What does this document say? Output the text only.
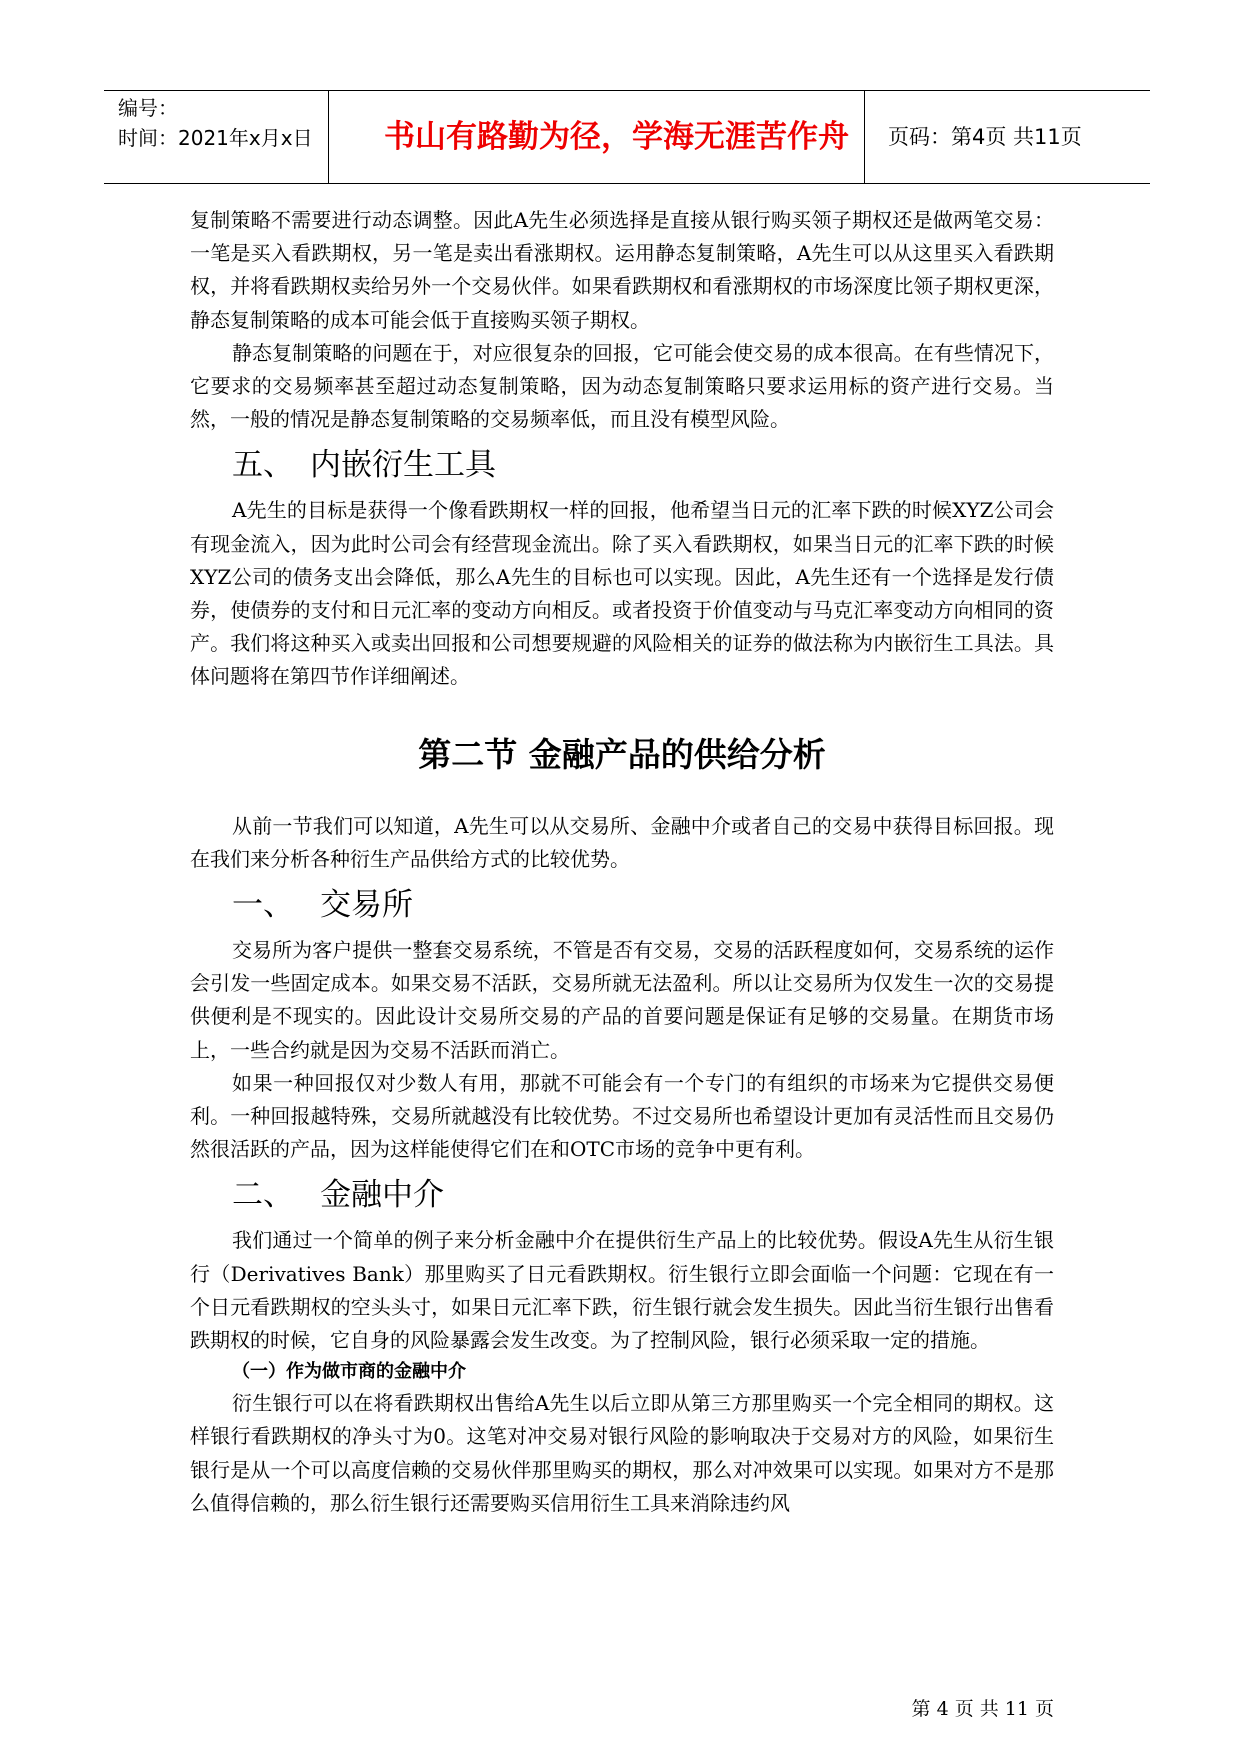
编号：
时间：2021年x月x日	书山有路勤为径，学海无涯苦作舟	页码：第4页 共11页

复制策略不需要进行动态调整。因此A先生必须选择是直接从银行购买领子期权还是做两笔交易：一笔是买入看跌期权，另一笔是卖出看涨期权。运用静态复制策略，A先生可以从这里买入看跌期权，并将看跌期权卖给另外一个交易伙伴。如果看跌期权和看涨期权的市场深度比领子期权更深，静态复制策略的成本可能会低于直接购买领子期权。

静态复制策略的问题在于，对应很复杂的回报，它可能会使交易的成本很高。在有些情况下，它要求的交易频率甚至超过动态复制策略，因为动态复制策略只要求运用标的资产进行交易。当然，一般的情况是静态复制策略的交易频率低，而且没有模型风险。

五、 内嵌衍生工具

A先生的目标是获得一个像看跌期权一样的回报，他希望当日元的汇率下跌的时候XYZ公司会有现金流入，因为此时公司会有经营现金流出。除了买入看跌期权，如果当日元的汇率下跌的时候XYZ公司的债务支出会降低，那么A先生的目标也可以实现。因此，A先生还有一个选择是发行债券，使债券的支付和日元汇率的变动方向相反。或者投资于价值变动与马克汇率变动方向相同的资产。我们将这种买入或卖出回报和公司想要规避的风险相关的证券的做法称为内嵌衍生工具法。具体问题将在第四节作详细阐述。

第二节 金融产品的供给分析

从前一节我们可以知道，A先生可以从交易所、金融中介或者自己的交易中获得目标回报。现在我们来分析各种衍生产品供给方式的比较优势。

一、 交易所

交易所为客户提供一整套交易系统，不管是否有交易，交易的活跃程度如何，交易系统的运作会引发一些固定成本。如果交易不活跃，交易所就无法盈利。所以让交易所为仅发生一次的交易提供便利是不现实的。因此设计交易所交易的产品的首要问题是保证有足够的交易量。在期货市场上，一些合约就是因为交易不活跃而消亡。

如果一种回报仅对少数人有用，那就不可能会有一个专门的有组织的市场来为它提供交易便利。一种回报越特殊，交易所就越没有比较优势。不过交易所也希望设计更加有灵活性而且交易仍然很活跃的产品，因为这样能使得它们在和OTC市场的竞争中更有利。

二、 金融中介

我们通过一个简单的例子来分析金融中介在提供衍生产品上的比较优势。假设A先生从衍生银行（Derivatives Bank）那里购买了日元看跌期权。衍生银行立即会面临一个问题：它现在有一个日元看跌期权的空头头寸，如果日元汇率下跌，衍生银行就会发生损失。因此当衍生银行出售看跌期权的时候，它自身的风险暴露会发生改变。为了控制风险，银行必须采取一定的措施。

（一）作为做市商的金融中介

衍生银行可以在将看跌期权出售给A先生以后立即从第三方那里购买一个完全相同的期权。这样银行看跌期权的净头寸为0。这笔对冲交易对银行风险的影响取决于交易对方的风险，如果衍生银行是从一个可以高度信赖的交易伙伴那里购买的期权，那么对冲效果可以实现。如果对方不是那么值得信赖的，那么衍生银行还需要购买信用衍生工具来消除违约风

第 4 页 共 11 页
